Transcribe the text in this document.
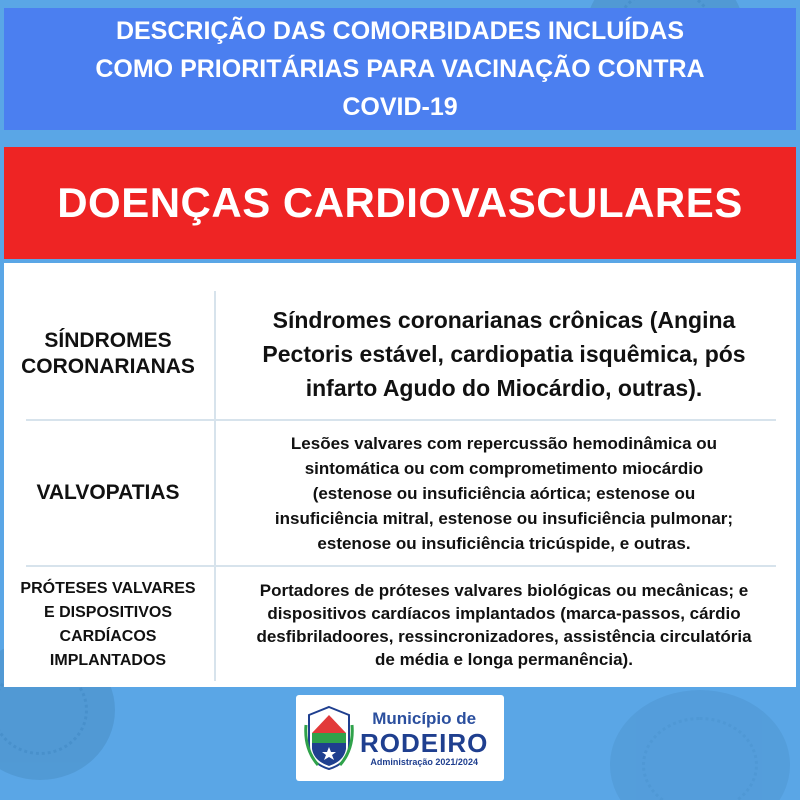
DESCRIÇÃO DAS COMORBIDADES INCLUÍDAS
COMO PRIORITÁRIAS PARA VACINAÇÃO CONTRA
COVID-19
DOENÇAS CARDIOVASCULARES
SÍNDROMES
CORONARIANAS
Síndromes coronarianas crônicas (Angina
Pectoris estável, cardiopatia isquêmica, pós
infarto Agudo do Miocárdio, outras).
VALVOPATIAS
Lesões valvares com repercussão hemodinâmica ou
sintomática ou com comprometimento miocárdio
(estenose ou insuficiência aórtica; estenose ou
insuficiência mitral, estenose ou insuficiência pulmonar;
estenose ou insuficiência tricúspide, e outras.
PRÓTESES VALVARES
E DISPOSITIVOS
CARDÍACOS
IMPLANTADOS
Portadores de próteses valvares biológicas ou mecânicas; e
dispositivos cardíacos implantados (marca-passos, cárdio
desfibriladoores, ressincronizadores, assistência circulatória
de média e longa permanência).
Município de
RODEIRO
Administração 2021/2024
